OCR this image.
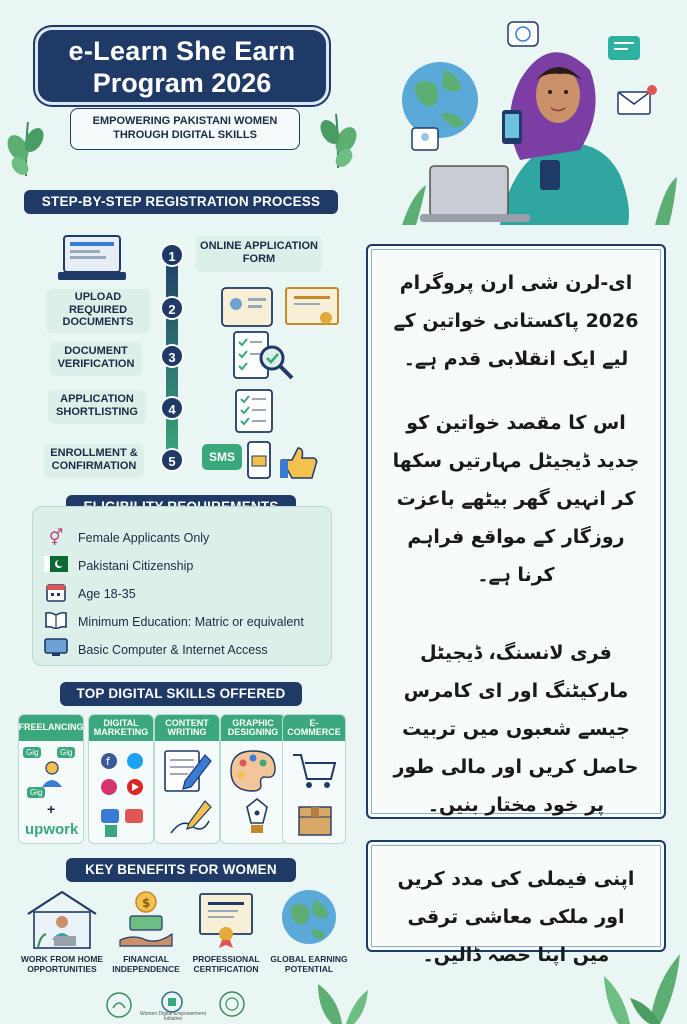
e-Learn She Earn
Program 2026
EMPOWERING PAKISTANI WOMEN THROUGH DIGITAL SKILLS
STEP-BY-STEP REGISTRATION PROCESS
1
ONLINE APPLICATION FORM
UPLOAD REQUIRED DOCUMENTS
2
DOCUMENT VERIFICATION	3
APPLICATION SHORTLISTING	4
ENROLLMENT & CONFIRMATION	5	SMS
⚥	Female Applicants Only
Pakistani Citizenship
Age 18-35
Minimum Education: Matric or equivalent
Basic Computer & Internet Access
TOP DIGITAL SKILLS OFFERED
FREELANCING
Gig	Gig
Gig
+
upwork
DIGITAL MARKETING
f
CONTENT WRITING
GRAPHIC DESIGNING
E-COMMERCE
KEY BENEFITS FOR WOMEN
WORK FROM HOME OPPORTUNITIES
$
FINANCIAL INDEPENDENCE
PROFESSIONAL CERTIFICATION
GLOBAL EARNING POTENTIAL
Women Digital Empowerment Initiative
ای-لرن شی ارن پروگرام 2026 پاکستانی خواتین کے لیے ایک انقلابی قدم ہے۔
اس کا مقصد خواتین کو جدید ڈیجیٹل مہارتیں سکھا کر انہیں گھر بیٹھے باعزت روزگار کے مواقع فراہم کرنا ہے۔
فری لانسنگ، ڈیجیٹل مارکیٹنگ اور ای کامرس جیسے شعبوں میں تربیت حاصل کریں اور مالی طور پر خود مختار بنیں۔
اپنی فیملی کی مدد کریں اور ملکی معاشی ترقی میں اپنا حصہ ڈالیں۔
